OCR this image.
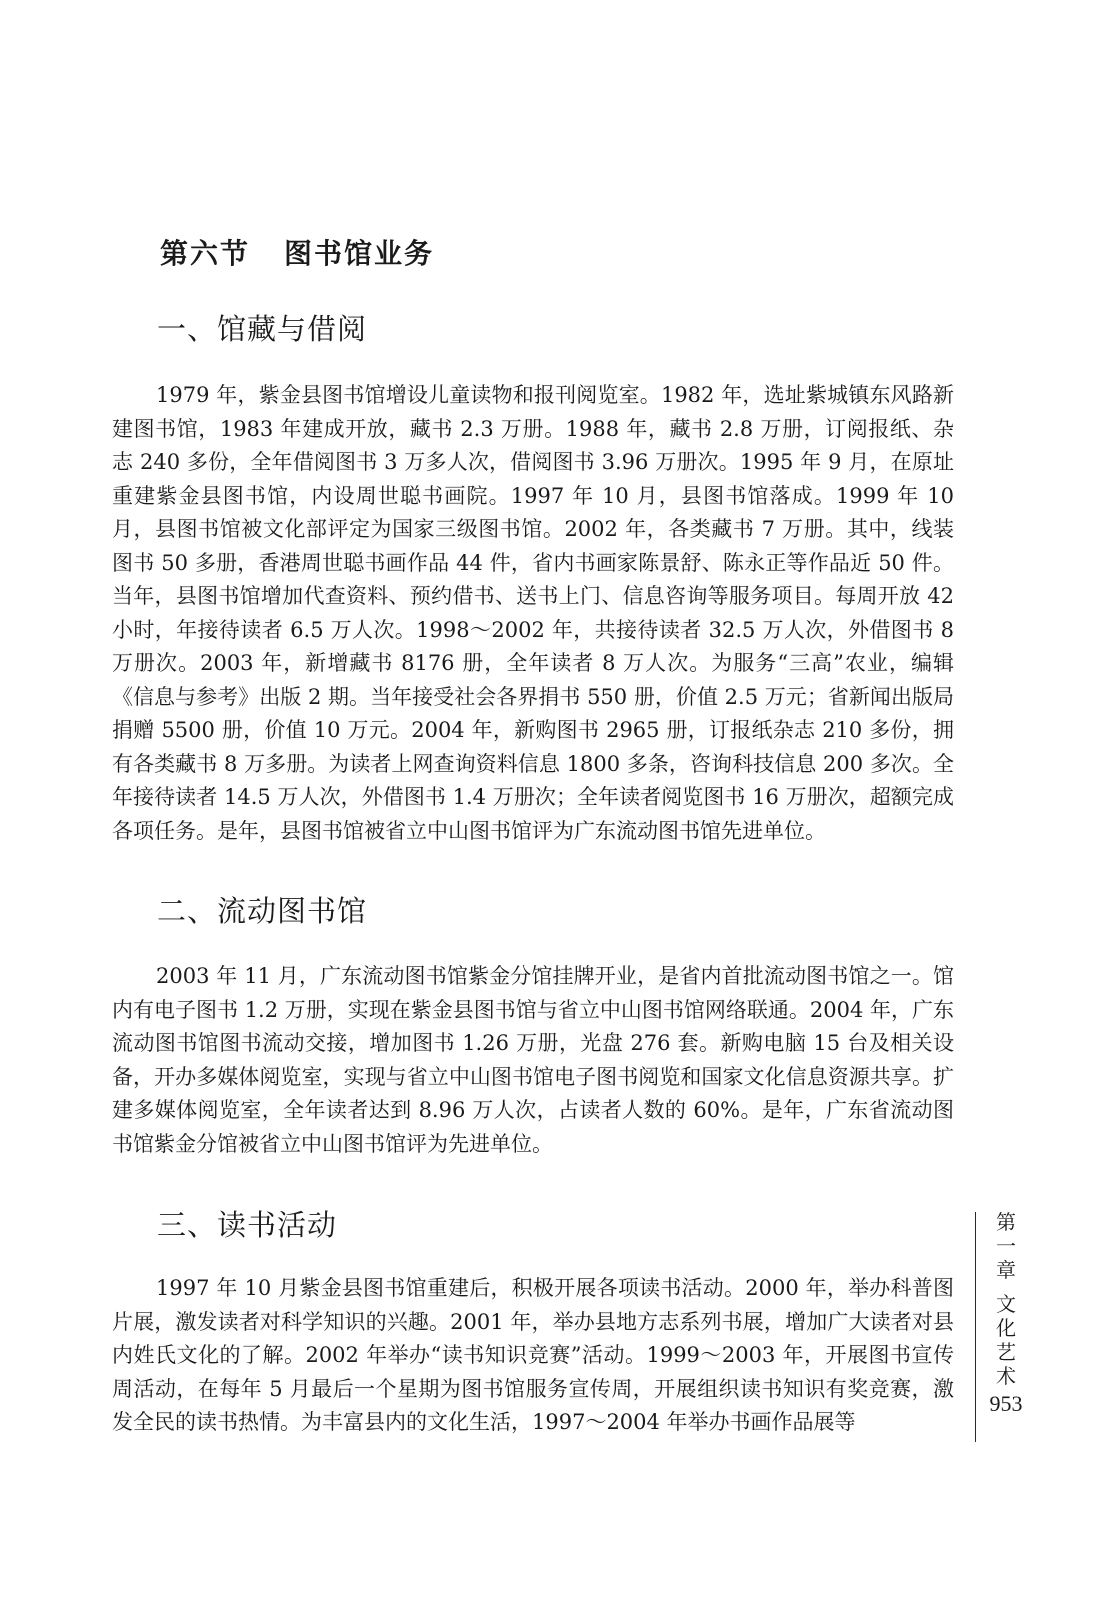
第六节 图书馆业务
一、馆藏与借阅

1979 年，紫金县图书馆增设儿童读物和报刊阅览室。1982 年，选址紫城镇东风路新建图书馆，1983 年建成开放，藏书 2.3 万册。1988 年，藏书 2.8 万册，订阅报纸、杂志 240 多份，全年借阅图书 3 万多人次，借阅图书 3.96 万册次。1995 年 9 月，在原址重建紫金县图书馆，内设周世聪书画院。1997 年 10 月，县图书馆落成。1999 年 10 月，县图书馆被文化部评定为国家三级图书馆。2002 年，各类藏书 7 万册。其中，线装图书 50 多册，香港周世聪书画作品 44 件，省内书画家陈景舒、陈永正等作品近 50 件。当年，县图书馆增加代查资料、预约借书、送书上门、信息咨询等服务项目。每周开放 42 小时，年接待读者 6.5 万人次。1998～2002 年，共接待读者 32.5 万人次，外借图书 8 万册次。2003 年，新增藏书 8176 册，全年读者 8 万人次。为服务“三高”农业，编辑《信息与参考》出版 2 期。当年接受社会各界捐书 550 册，价值 2.5 万元；省新闻出版局捐赠 5500 册，价值 10 万元。2004 年，新购图书 2965 册，订报纸杂志 210 多份，拥有各类藏书 8 万多册。为读者上网查询资料信息 1800 多条，咨询科技信息 200 多次。全年接待读者 14.5 万人次，外借图书 1.4 万册次；全年读者阅览图书 16 万册次，超额完成各项任务。是年，县图书馆被省立中山图书馆评为广东流动图书馆先进单位。

二、流动图书馆

2003 年 11 月，广东流动图书馆紫金分馆挂牌开业，是省内首批流动图书馆之一。馆内有电子图书 1.2 万册，实现在紫金县图书馆与省立中山图书馆网络联通。2004 年，广东流动图书馆图书流动交接，增加图书 1.26 万册，光盘 276 套。新购电脑 15 台及相关设备，开办多媒体阅览室，实现与省立中山图书馆电子图书阅览和国家文化信息资源共享。扩建多媒体阅览室，全年读者达到 8.96 万人次，占读者人数的 60%。是年，广东省流动图书馆紫金分馆被省立中山图书馆评为先进单位。

三、读书活动

1997 年 10 月紫金县图书馆重建后，积极开展各项读书活动。2000 年，举办科普图片展，激发读者对科学知识的兴趣。2001 年，举办县地方志系列书展，增加广大读者对县内姓氏文化的了解。2002 年举办“读书知识竞赛”活动。1999～2003 年，开展图书宣传周活动，在每年 5 月最后一个星期为图书馆服务宣传周，开展组织读书知识有奖竞赛，激发全民的读书热情。为丰富县内的文化生活，1997～2004 年举办书画作品展等

第一章

文化艺术

953
